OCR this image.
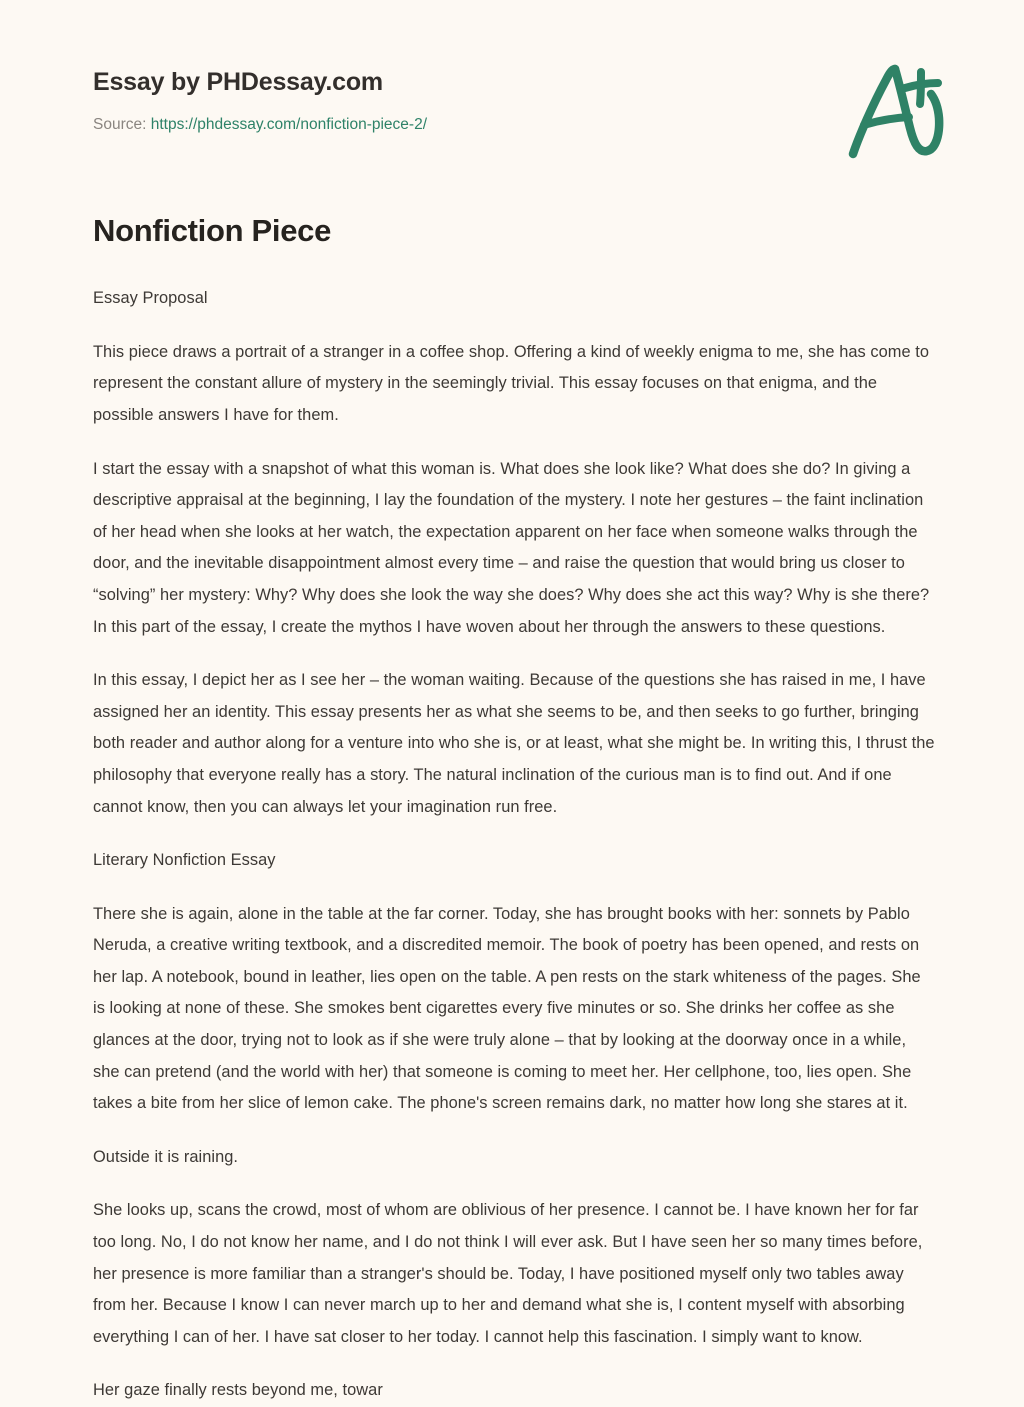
Essay by PHDessay.com
Source: https://phdessay.com/nonfiction-piece-2/
Nonfiction Piece

Essay Proposal

This piece draws a portrait of a stranger in a coffee shop. Offering a kind of weekly enigma to me, she has come to represent the constant allure of mystery in the seemingly trivial. This essay focuses on that enigma, and the possible answers I have for them.

I start the essay with a snapshot of what this woman is. What does she look like? What does she do? In giving a descriptive appraisal at the beginning, I lay the foundation of the mystery. I note her gestures – the faint inclination of her head when she looks at her watch, the expectation apparent on her face when someone walks through the door, and the inevitable disappointment almost every time – and raise the question that would bring us closer to “solving” her mystery: Why? Why does she look the way she does? Why does she act this way? Why is she there? In this part of the essay, I create the mythos I have woven about her through the answers to these questions.

In this essay, I depict her as I see her – the woman waiting. Because of the questions she has raised in me, I have assigned her an identity. This essay presents her as what she seems to be, and then seeks to go further, bringing both reader and author along for a venture into who she is, or at least, what she might be. In writing this, I thrust the philosophy that everyone really has a story. The natural inclination of the curious man is to find out. And if one cannot know, then you can always let your imagination run free.

Literary Nonfiction Essay

There she is again, alone in the table at the far corner. Today, she has brought books with her: sonnets by Pablo Neruda, a creative writing textbook, and a discredited memoir. The book of poetry has been opened, and rests on her lap. A notebook, bound in leather, lies open on the table. A pen rests on the stark whiteness of the pages. She is looking at none of these. She smokes bent cigarettes every five minutes or so. She drinks her coffee as she glances at the door, trying not to look as if she were truly alone – that by looking at the doorway once in a while, she can pretend (and the world with her) that someone is coming to meet her. Her cellphone, too, lies open. She takes a bite from her slice of lemon cake. The phone's screen remains dark, no matter how long she stares at it.

Outside it is raining.

She looks up, scans the crowd, most of whom are oblivious of her presence. I cannot be. I have known her for far too long. No, I do not know her name, and I do not think I will ever ask. But I have seen her so many times before, her presence is more familiar than a stranger's should be. Today, I have positioned myself only two tables away from her. Because I know I can never march up to her and demand what she is, I content myself with absorbing everything I can of her. I have sat closer to her today. I cannot help this fascination. I simply want to know.

Her gaze finally rests beyond me, towar
